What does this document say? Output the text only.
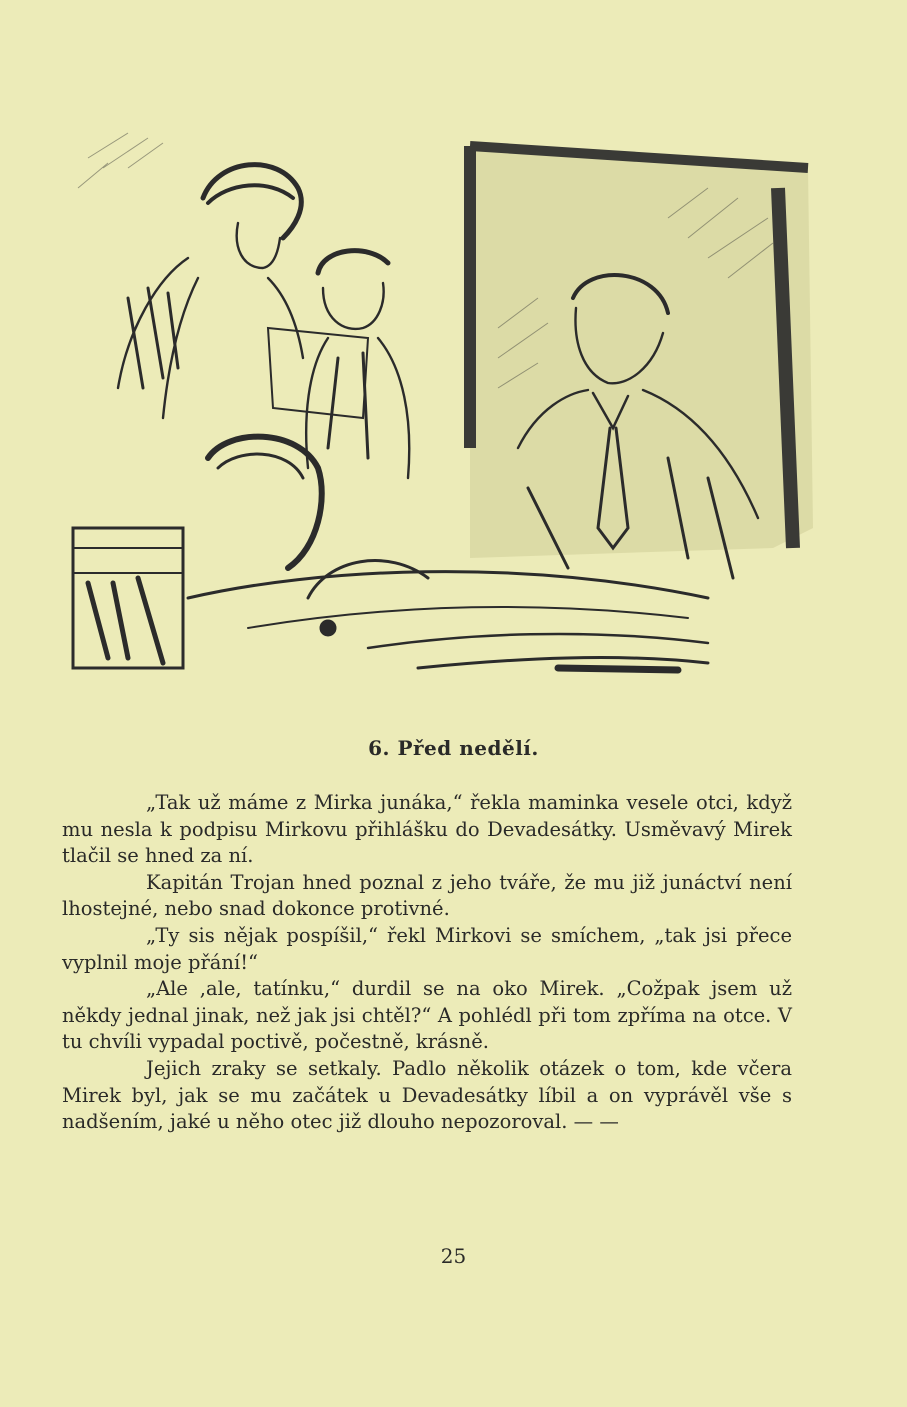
6. Před nedělí.

„Tak už máme z Mirka junáka,“ řekla maminka vesele otci, když mu nesla k podpisu Mirkovu přihlášku do Devadesátky. Usměvavý Mirek tlačil se hned za ní.

Kapitán Trojan hned poznal z jeho tváře, že mu již junáctví není lhostejné, nebo snad dokonce protivné.

„Ty sis nějak pospíšil,“ řekl Mirkovi se smíchem, „tak jsi přece vyplnil moje přání!“

„Ale ,ale, tatínku,“ durdil se na oko Mirek. „Cožpak jsem už někdy jednal jinak, než jak jsi chtěl?“ A pohlédl při tom zpříma na otce. V tu chvíli vypadal poctivě, počestně, krásně.

Jejich zraky se setkaly. Padlo několik otázek o tom, kde včera Mirek byl, jak se mu začátek u Devadesátky líbil a on vyprávěl vše s nadšením, jaké u něho otec již dlouho nepozoroval. — —

25
